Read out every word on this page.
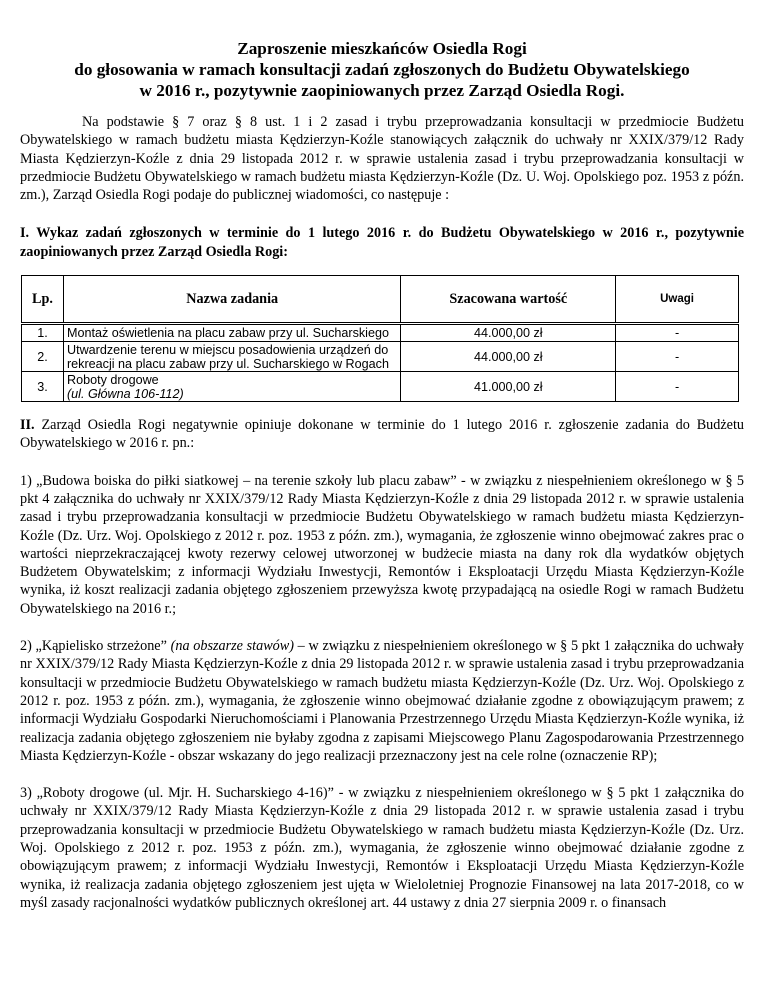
Zaproszenie mieszkańców Osiedla Rogi
do głosowania w ramach konsultacji zadań zgłoszonych do Budżetu Obywatelskiego
w 2016 r., pozytywnie zaopiniowanych przez Zarząd Osiedla Rogi.

Na podstawie § 7 oraz § 8 ust. 1 i 2 zasad i trybu przeprowadzania konsultacji w przedmiocie Budżetu Obywatelskiego w ramach budżetu miasta Kędzierzyn-Koźle stanowiących załącznik do uchwały nr XXIX/379/12 Rady Miasta Kędzierzyn-Koźle z dnia 29 listopada 2012 r. w sprawie ustalenia zasad i trybu przeprowadzania konsultacji w przedmiocie Budżetu Obywatelskiego w ramach budżetu miasta Kędzierzyn-Koźle (Dz. U. Woj. Opolskiego poz. 1953 z późn. zm.), Zarząd Osiedla Rogi podaje do publicznej wiadomości, co następuje :

I. Wykaz zadań zgłoszonych w terminie do 1 lutego 2016 r. do Budżetu Obywatelskiego w 2016 r., pozytywnie zaopiniowanych przez Zarząd Osiedla Rogi:

Lp.	Nazwa zadania	Szacowana wartość	Uwagi
1.	Montaż oświetlenia na placu zabaw przy ul. Sucharskiego	44.000,00 zł	-
2.	Utwardzenie terenu w miejscu posadowienia urządzeń do rekreacji na placu zabaw przy ul. Sucharskiego w Rogach	44.000,00 zł	-
3.	Roboty drogowe
(ul. Główna 106-112)	41.000,00 zł	-

II. Zarząd Osiedla Rogi negatywnie opiniuje dokonane w terminie do 1 lutego 2016 r. zgłoszenie zadania do Budżetu Obywatelskiego w 2016 r. pn.:

1) „Budowa boiska do piłki siatkowej – na terenie szkoły lub placu zabaw” - w związku z niespełnieniem określonego w § 5 pkt 4 załącznika do uchwały nr XXIX/379/12 Rady Miasta Kędzierzyn-Koźle z dnia 29 listopada 2012 r. w sprawie ustalenia zasad i trybu przeprowadzania konsultacji w przedmiocie Budżetu Obywatelskiego w ramach budżetu miasta Kędzierzyn-Koźle (Dz. Urz. Woj. Opolskiego z 2012 r. poz. 1953 z późn. zm.), wymagania, że zgłoszenie winno obejmować zakres prac o wartości nieprzekraczającej kwoty rezerwy celowej utworzonej w budżecie miasta na dany rok dla wydatków objętych Budżetem Obywatelskim; z informacji Wydziału Inwestycji, Remontów i Eksploatacji Urzędu Miasta Kędzierzyn-Koźle wynika, iż koszt realizacji zadania objętego zgłoszeniem przewyższa kwotę przypadającą na osiedle Rogi w ramach Budżetu Obywatelskiego na 2016 r.;

2) „Kąpielisko strzeżone” (na obszarze stawów) – w związku z niespełnieniem określonego w § 5 pkt 1 załącznika do uchwały nr XXIX/379/12 Rady Miasta Kędzierzyn-Koźle z dnia 29 listopada 2012 r. w sprawie ustalenia zasad i trybu przeprowadzania konsultacji w przedmiocie Budżetu Obywatelskiego w ramach budżetu miasta Kędzierzyn-Koźle (Dz. Urz. Woj. Opolskiego z 2012 r. poz. 1953 z późn. zm.), wymagania, że zgłoszenie winno obejmować działanie zgodne z obowiązującym prawem; z informacji Wydziału Gospodarki Nieruchomościami i Planowania Przestrzennego Urzędu Miasta Kędzierzyn-Koźle wynika, iż realizacja zadania objętego zgłoszeniem nie byłaby zgodna z zapisami Miejscowego Planu Zagospodarowania Przestrzennego Miasta Kędzierzyn-Koźle - obszar wskazany do jego realizacji przeznaczony jest na cele rolne (oznaczenie RP);

3) „Roboty drogowe (ul. Mjr. H. Sucharskiego 4-16)” - w związku z niespełnieniem określonego w § 5 pkt 1 załącznika do uchwały nr XXIX/379/12 Rady Miasta Kędzierzyn-Koźle z dnia 29 listopada 2012 r. w sprawie ustalenia zasad i trybu przeprowadzania konsultacji w przedmiocie Budżetu Obywatelskiego w ramach budżetu miasta Kędzierzyn-Koźle (Dz. Urz. Woj. Opolskiego z 2012 r. poz. 1953 z późn. zm.), wymagania, że zgłoszenie winno obejmować działanie zgodne z obowiązującym prawem; z informacji Wydziału Inwestycji, Remontów i Eksploatacji Urzędu Miasta Kędzierzyn-Koźle wynika, iż realizacja zadania objętego zgłoszeniem jest ujęta w Wieloletniej Prognozie Finansowej na lata 2017-2018, co w myśl zasady racjonalności wydatków publicznych określonej art. 44 ustawy z dnia 27 sierpnia 2009 r. o finansach
